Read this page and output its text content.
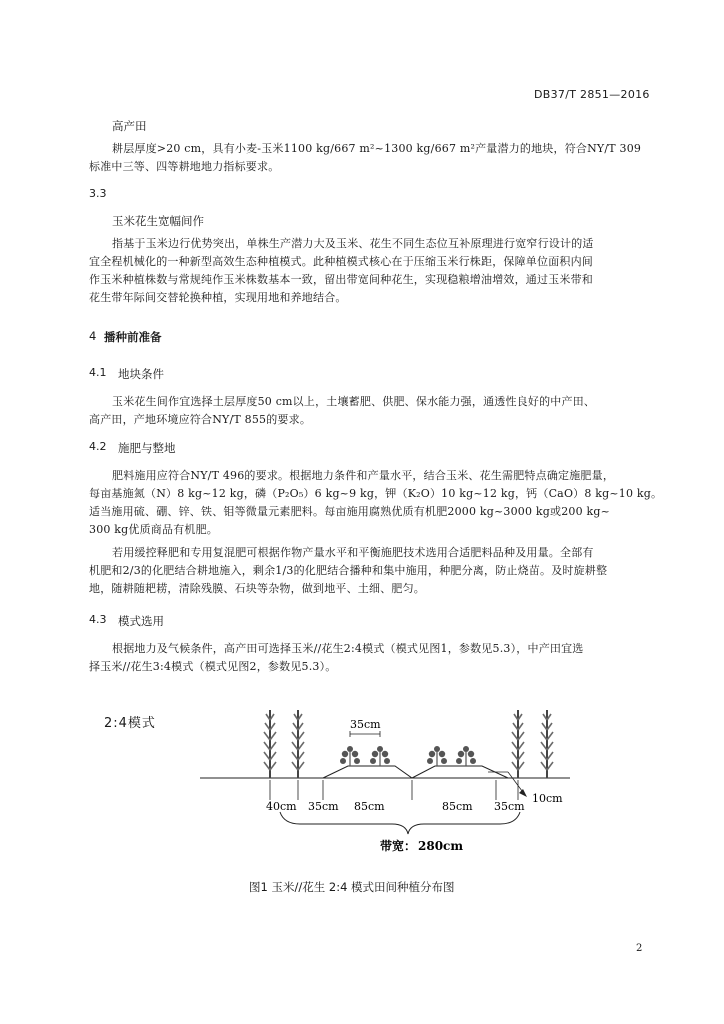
DB37/T 2851—2016
高产田
耕层厚度>20 cm，具有小麦-玉米1100 kg/667 m²~1300 kg/667 m²产量潜力的地块，符合NY/T 309
标准中三等、四等耕地地力指标要求。
3.3
玉米花生宽幅间作
指基于玉米边行优势突出，单株生产潜力大及玉米、花生不同生态位互补原理进行宽窄行设计的适
宜全程机械化的一种新型高效生态种植模式。此种植模式核心在于压缩玉米行株距，保障单位面积内间
作玉米种植株数与常规纯作玉米株数基本一致，留出带宽间种花生，实现稳粮增油增效，通过玉米带和
花生带年际间交替轮换种植，实现用地和养地结合。
4 播种前准备
4.1 地块条件
玉米花生间作宜选择土层厚度50 cm以上，土壤蓄肥、供肥、保水能力强，通透性良好的中产田、
高产田，产地环境应符合NY/T 855的要求。
4.2 施肥与整地
肥料施用应符合NY/T 496的要求。根据地力条件和产量水平，结合玉米、花生需肥特点确定施肥量，
每亩基施氮（N）8 kg~12 kg，磷（P₂O₅）6 kg~9 kg，钾（K₂O）10 kg~12 kg，钙（CaO）8 kg~10 kg。
适当施用硫、硼、锌、铁、钼等微量元素肥料。每亩施用腐熟优质有机肥2000 kg~3000 kg或200 kg~
300 kg优质商品有机肥。
若用缓控释肥和专用复混肥可根据作物产量水平和平衡施肥技术选用合适肥料品种及用量。全部有
机肥和2/3的化肥结合耕地施入，剩余1/3的化肥结合播种和集中施用，种肥分离，防止烧苗。及时旋耕整
地，随耕随耙耢，清除残膜、石块等杂物，做到地平、土细、肥匀。
4.3 模式选用
根据地力及气候条件，高产田可选择玉米//花生2:4模式（模式见图1，参数见5.3），中产田宜选
择玉米//花生3:4模式（模式见图2，参数见5.3）。
2:4模式	35cm
40cm 35cm 85cm	85cm 35cm
10cm
带宽： 280cm
图1 玉米//花生 2:4 模式田间种植分布图
2
